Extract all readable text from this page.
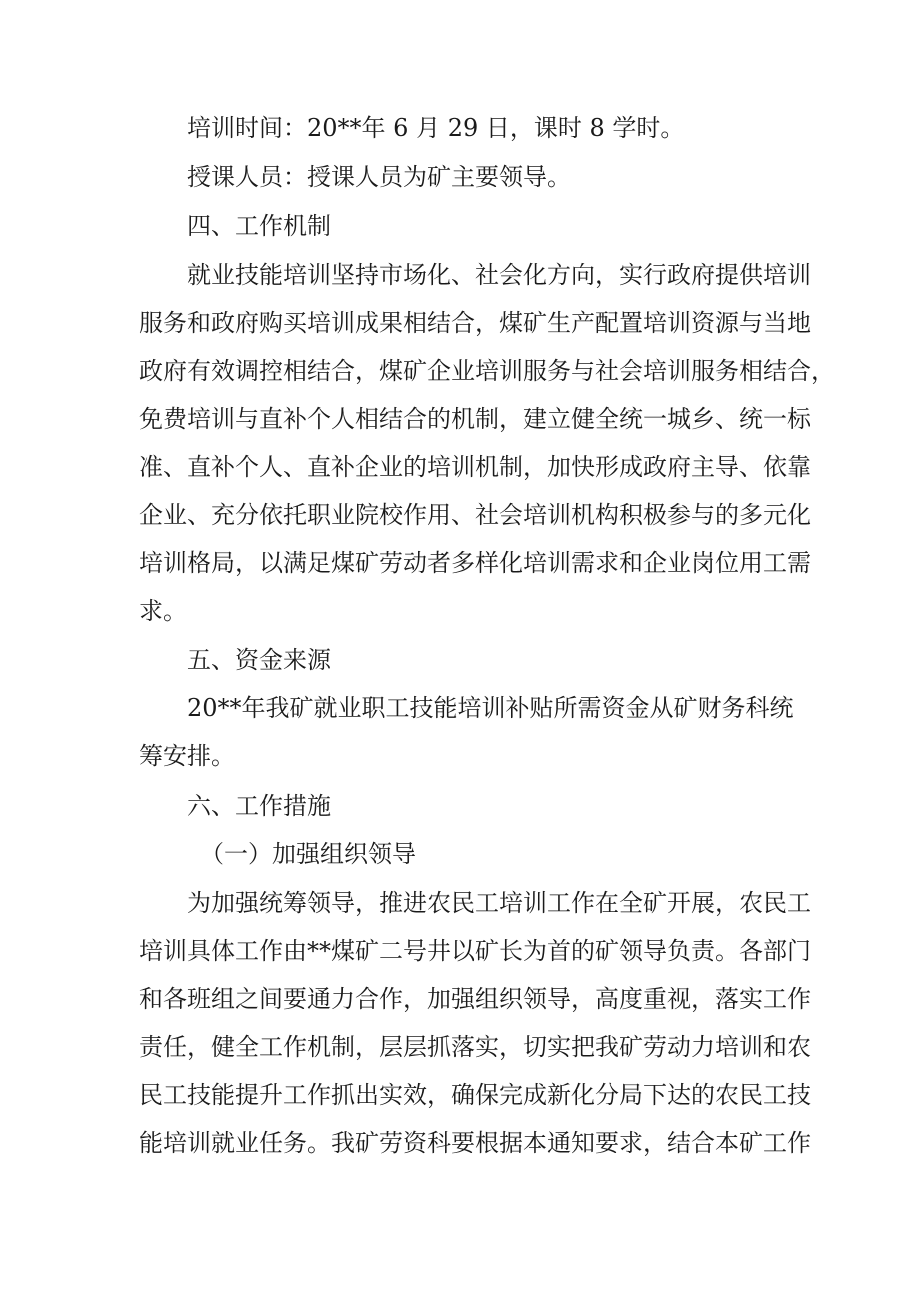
培训时间：20**年 6 月 29 日，课时 8 学时。
授课人员：授课人员为矿主要领导。
四、工作机制
就业技能培训坚持市场化、社会化方向，实行政府提供培训
服务和政府购买培训成果相结合，煤矿生产配置培训资源与当地
政府有效调控相结合，煤矿企业培训服务与社会培训服务相结合，
免费培训与直补个人相结合的机制，建立健全统一城乡、统一标
准、直补个人、直补企业的培训机制，加快形成政府主导、依靠
企业、充分依托职业院校作用、社会培训机构积极参与的多元化
培训格局，以满足煤矿劳动者多样化培训需求和企业岗位用工需
求。
五、资金来源
20**年我矿就业职工技能培训补贴所需资金从矿财务科统
筹安排。
六、工作措施
（一）加强组织领导
为加强统筹领导，推进农民工培训工作在全矿开展，农民工
培训具体工作由**煤矿二号井以矿长为首的矿领导负责。各部门
和各班组之间要通力合作，加强组织领导，高度重视，落实工作
责任，健全工作机制，层层抓落实，切实把我矿劳动力培训和农
民工技能提升工作抓出实效，确保完成新化分局下达的农民工技
能培训就业任务。我矿劳资科要根据本通知要求，结合本矿工作
